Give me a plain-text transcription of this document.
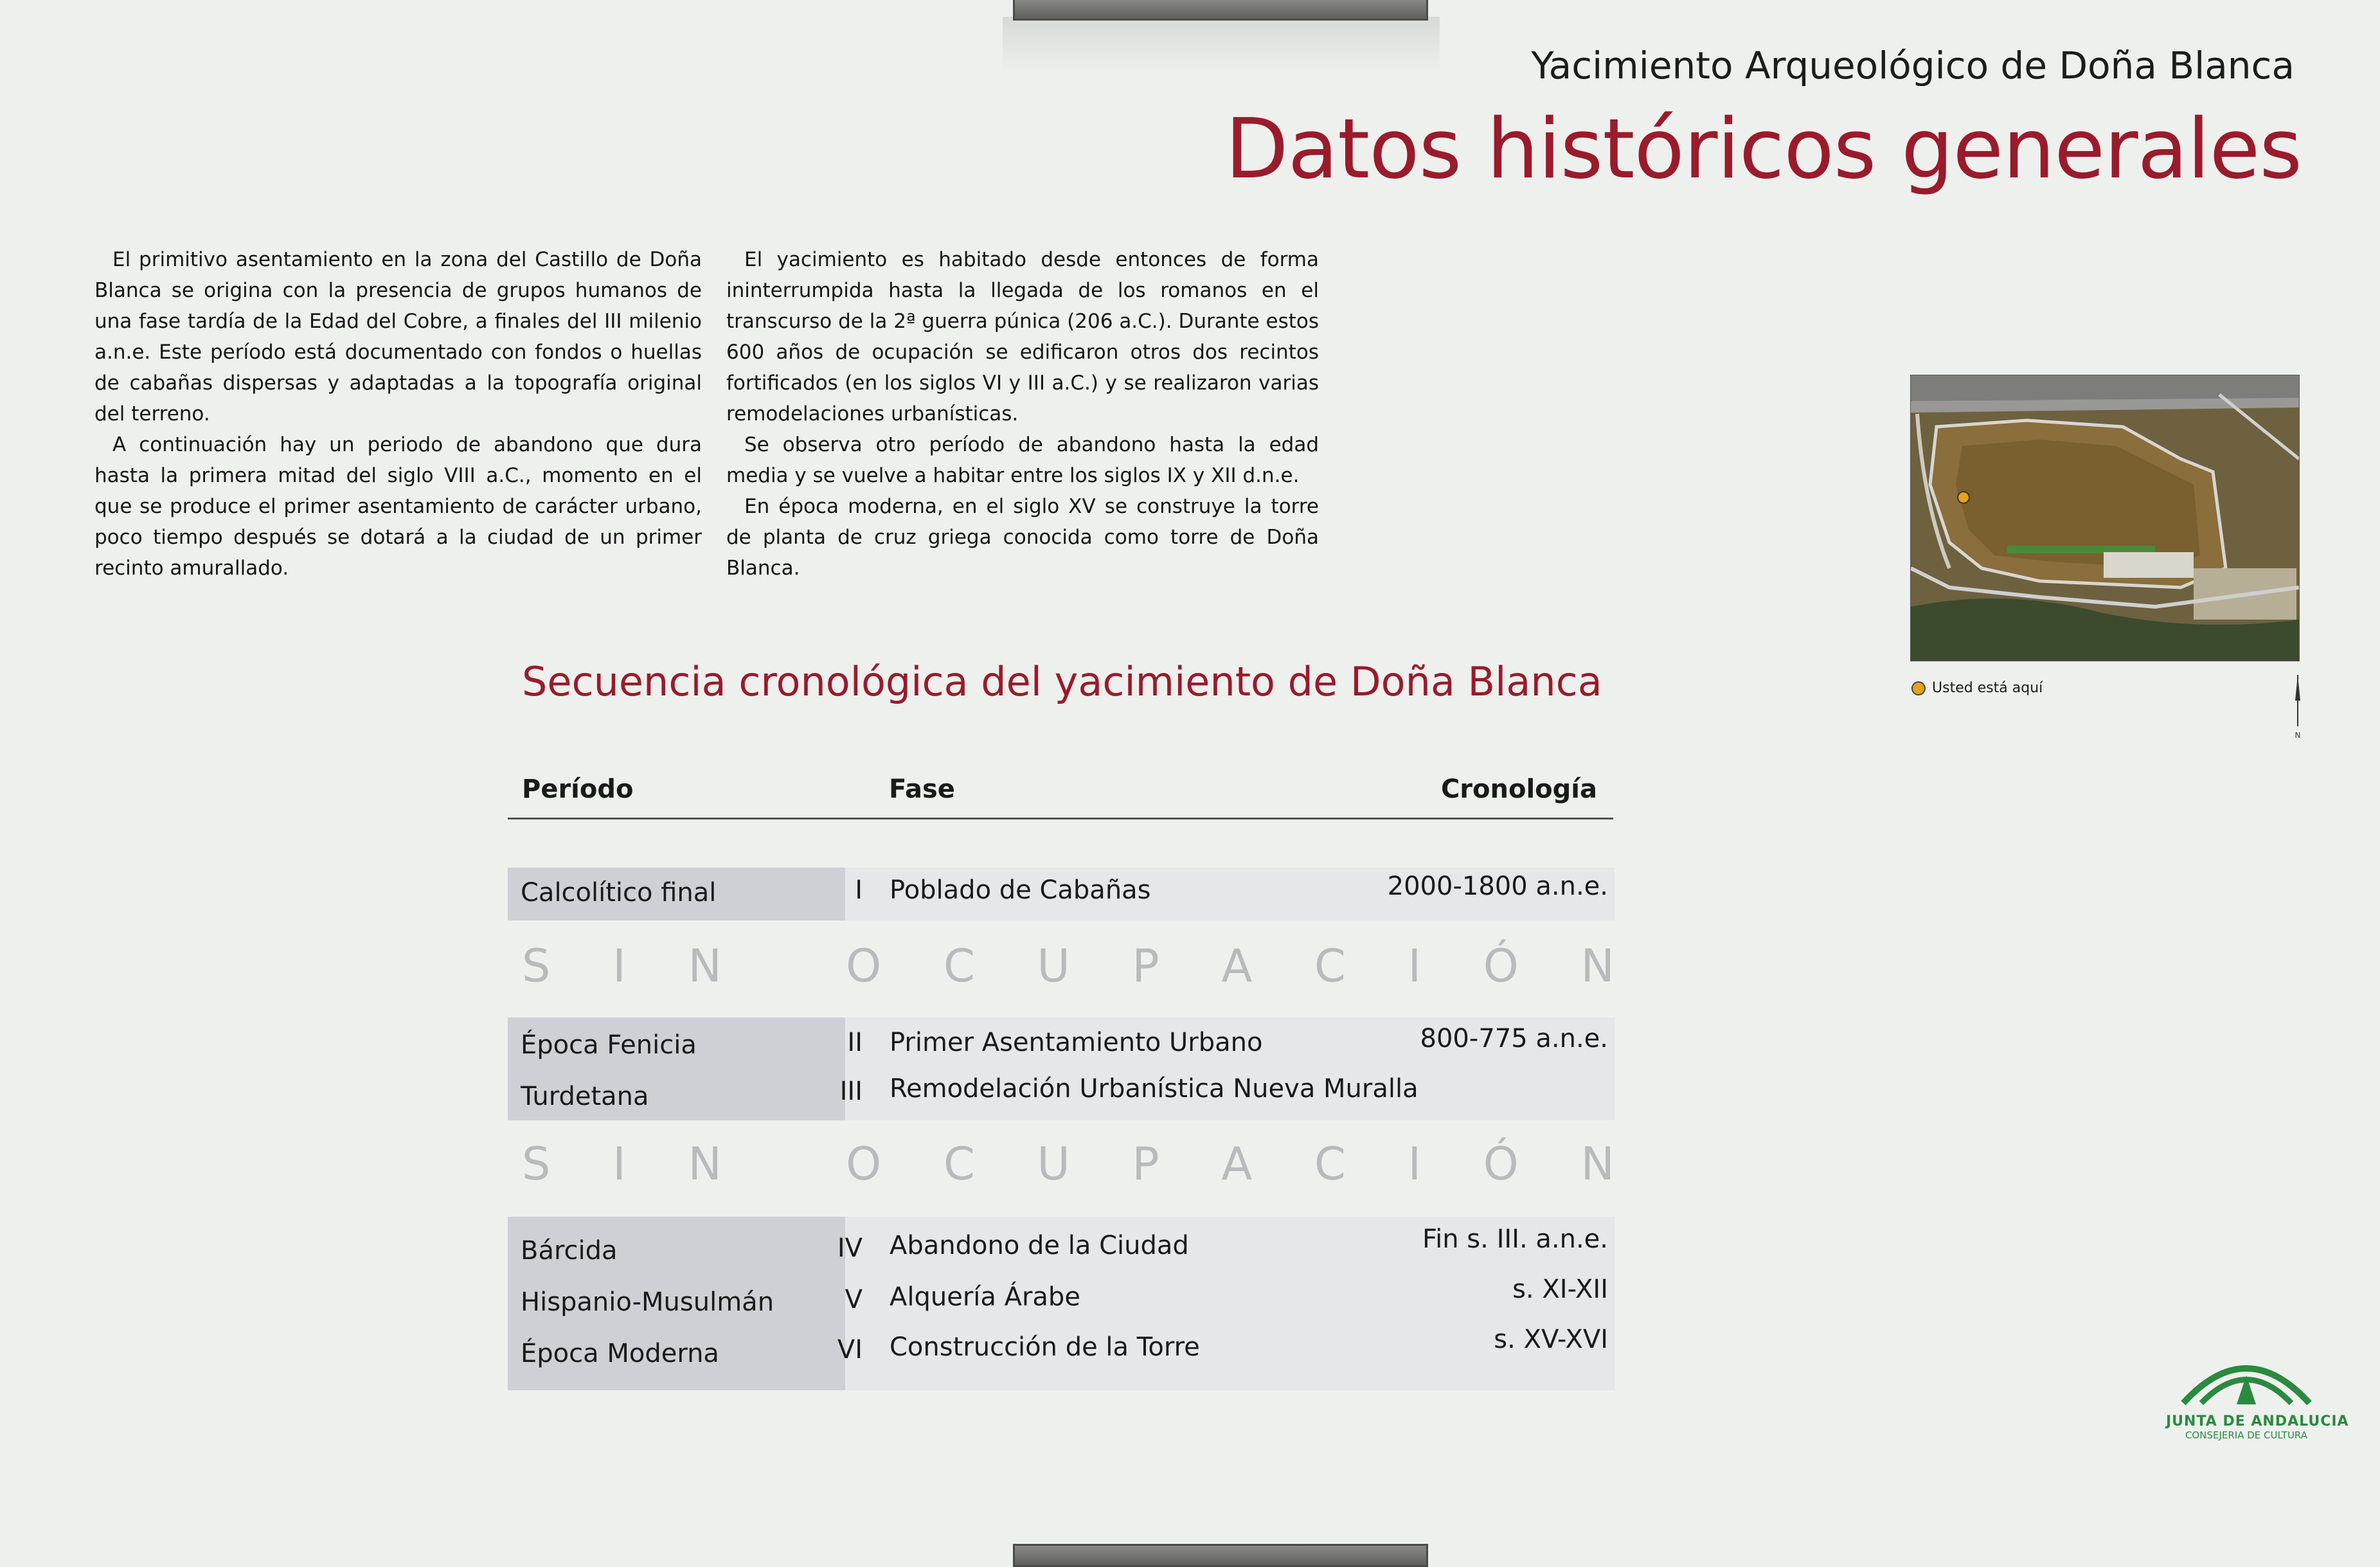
Yacimiento Arqueológico de Doña Blanca
Datos históricos generales

El primitivo asentamiento en la zona del Castillo de Doña Blanca se origina con la presencia de grupos humanos de una fase tardía de la Edad del Cobre, a finales del III milenio a.n.e. Este período está documentado con fondos o huellas de cabañas dispersas y adaptadas a la topografía original del terreno.

A continuación hay un periodo de abandono que dura hasta la primera mitad del siglo VIII a.C., momento en el que se produce el primer asentamiento de carácter urbano, poco tiempo después se dotará a la ciudad de un primer recinto amurallado.

El yacimiento es habitado desde entonces de forma ininterrumpida hasta la llegada de los romanos en el transcurso de la 2ª guerra púnica (206 a.C.). Durante estos 600 años de ocupación se edificaron otros dos recintos fortificados (en los siglos VI y III a.C.) y se realizaron varias remodelaciones urbanísticas.

Se observa otro período de abandono hasta la edad media y se vuelve a habitar entre los siglos IX y XII d.n.e.

En época moderna, en el siglo XV se construye la torre de planta de cruz griega conocida como torre de Doña Blanca.

Usted está aquí
N
Secuencia cronológica del yacimiento de Doña Blanca
Período	Fase	Cronología
Calcolítico final	I Poblado de Cabañas	2000-1800 a.n.e.
S I N	O C U P A C I Ó N
Época Fenicia	II Primer Asentamiento Urbano	800-775 a.n.e.
Turdetana	III Remodelación Urbanística Nueva Muralla
S I N	O C U P A C I Ó N
Bárcida	IV Abandono de la Ciudad	Fin s. III. a.n.e.
Hispanio-Musulmán	V Alquería Árabe	s. XI-XII
Época Moderna	VI Construcción de la Torre	s. XV-XVI
JUNTA DE ANDALUCIA
CONSEJERIA DE CULTURA
